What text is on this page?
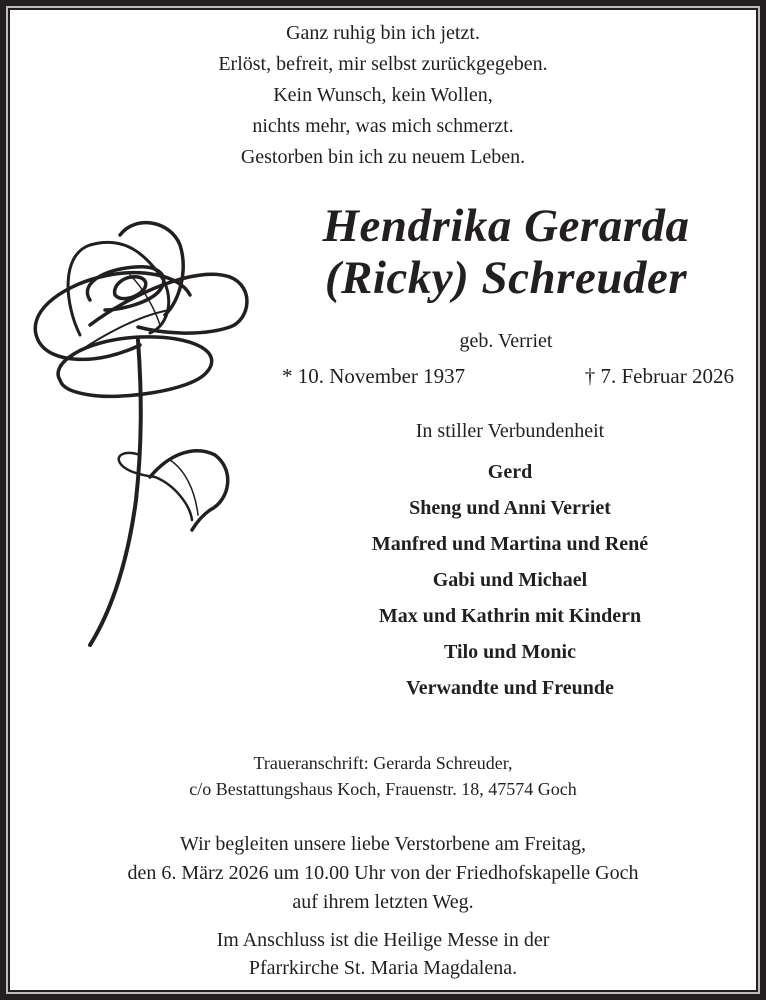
Ganz ruhig bin ich jetzt.
Erlöst, befreit, mir selbst zurückgegeben.
Kein Wunsch, kein Wollen,
nichts mehr, was mich schmerzt.
Gestorben bin ich zu neuem Leben.
Hendrika Gerarda
(Ricky) Schreuder
geb. Verriet
* 10. November 1937	† 7. Februar 2026
In stiller Verbundenheit
Gerd
Sheng und Anni Verriet
Manfred und Martina und René
Gabi und Michael
Max und Kathrin mit Kindern
Tilo und Monic
Verwandte und Freunde
Traueranschrift: Gerarda Schreuder,
c/o Bestattungshaus Koch, Frauenstr. 18, 47574 Goch
Wir begleiten unsere liebe Verstorbene am Freitag,
den 6. März 2026 um 10.00 Uhr von der Friedhofskapelle Goch
auf ihrem letzten Weg.
Im Anschluss ist die Heilige Messe in der
Pfarrkirche St. Maria Magdalena.
